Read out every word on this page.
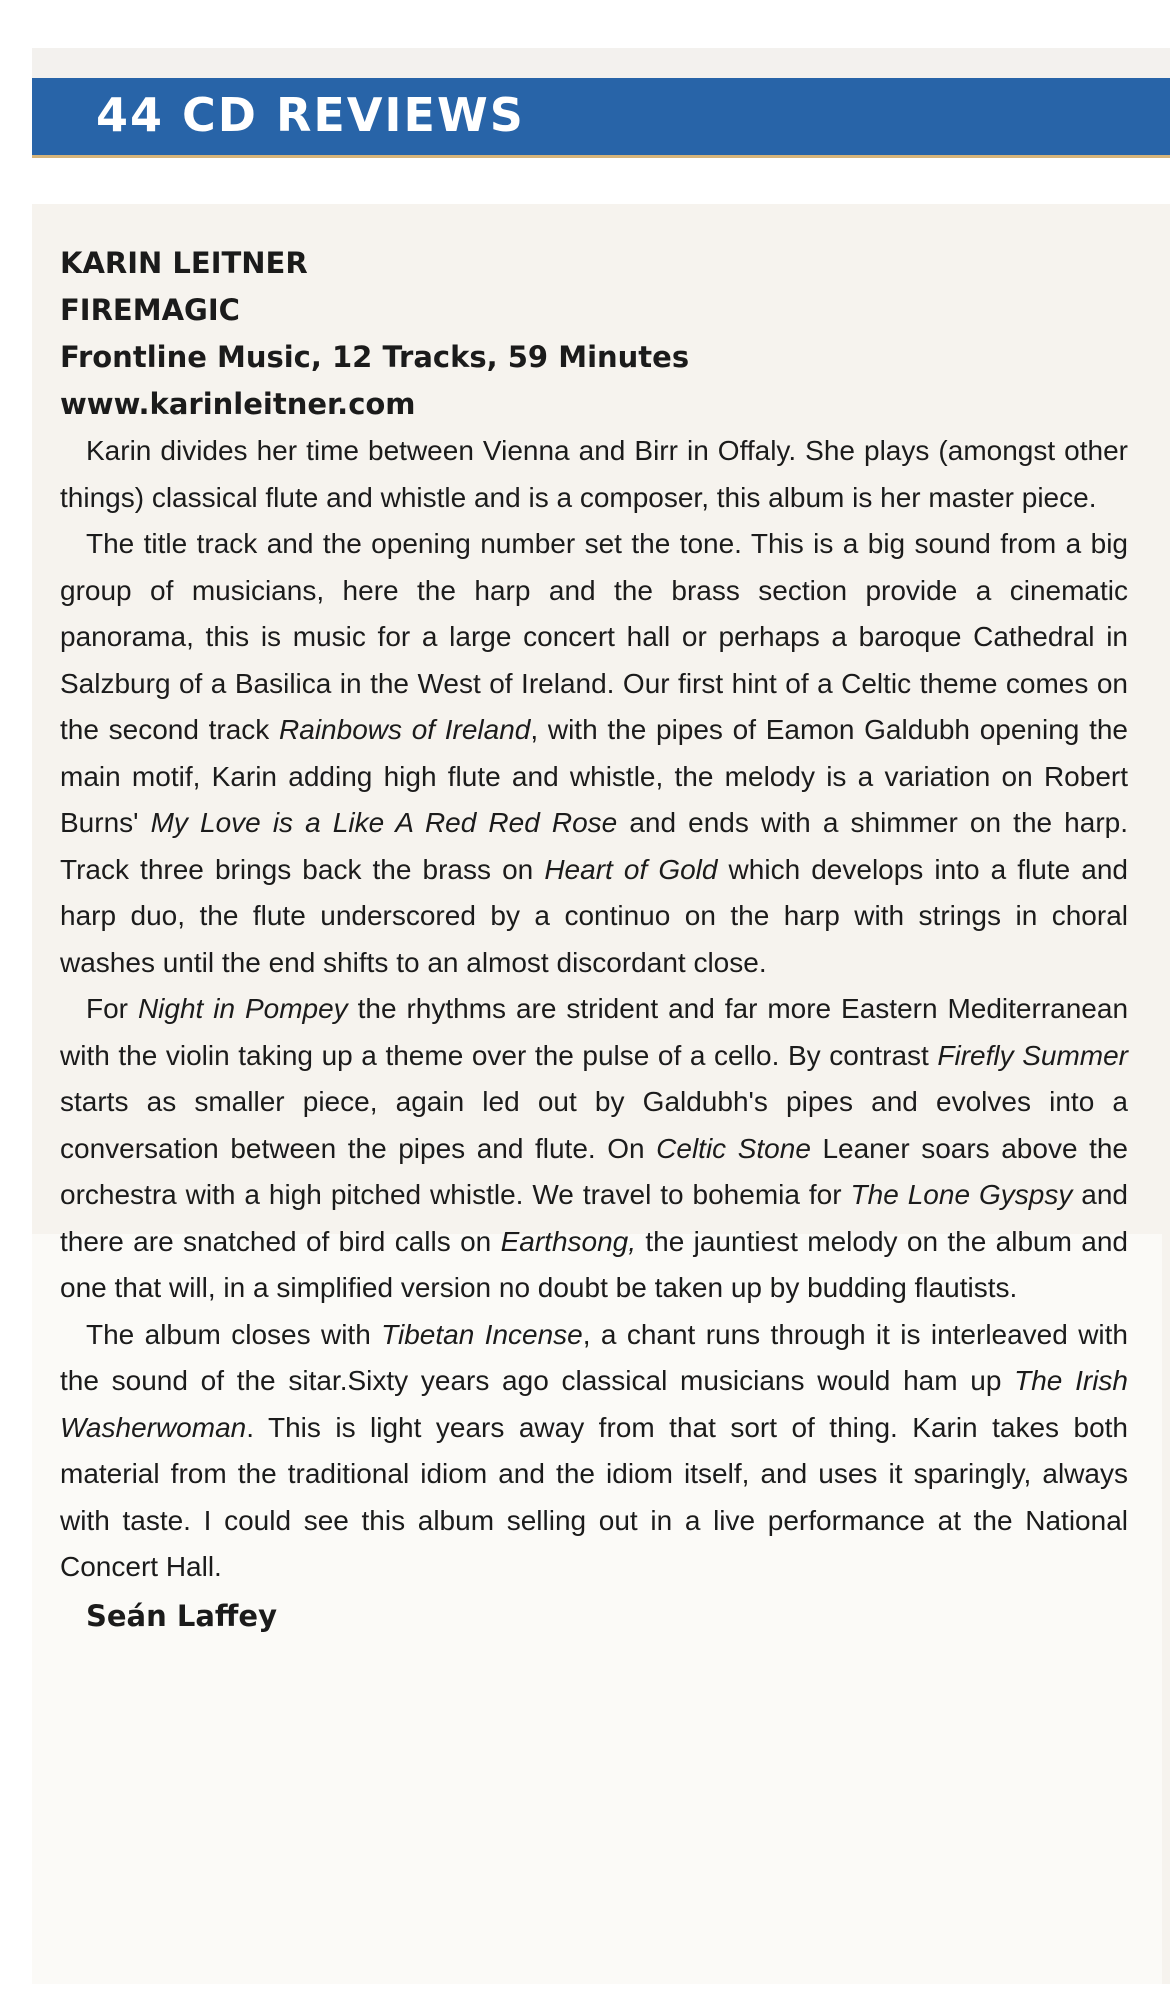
44 CD REVIEWS

KARIN LEITNER

FIREMAGIC

Frontline Music, 12 Tracks, 59 Minutes

www.karinleitner.com

Karin divides her time between Vienna and Birr in Offaly. She plays (amongst other things) classical flute and whistle and is a composer, this album is her master piece.

The title track and the opening number set the tone. This is a big sound from a big group of musicians, here the harp and the brass section provide a cinematic panorama, this is music for a large concert hall or perhaps a baroque Cathedral in Salzburg of a Basilica in the West of Ireland. Our first hint of a Celtic theme comes on the second track Rainbows of Ireland, with the pipes of Eamon Galdubh opening the main motif, Karin adding high flute and whistle, the melody is a variation on Robert Burns' My Love is a Like A Red Red Rose and ends with a shimmer on the harp. Track three brings back the brass on Heart of Gold which develops into a flute and harp duo, the flute underscored by a continuo on the harp with strings in choral washes until the end shifts to an almost discordant close.

For Night in Pompey the rhythms are strident and far more Eastern Mediterranean with the violin taking up a theme over the pulse of a cello. By contrast Firefly Summer starts as smaller piece, again led out by Galdubh's pipes and evolves into a conversation between the pipes and flute. On Celtic Stone Leaner soars above the orchestra with a high pitched whistle. We travel to bohemia for The Lone Gyspsy and there are snatched of bird calls on Earthsong, the jauntiest melody on the album and one that will, in a simplified version no doubt be taken up by budding flautists.

The album closes with Tibetan Incense, a chant runs through it is interleaved with the sound of the sitar.Sixty years ago classical musicians would ham up The Irish Washerwoman. This is light years away from that sort of thing. Karin takes both material from the traditional idiom and the idiom itself, and uses it sparingly, always with taste. I could see this album selling out in a live performance at the National Concert Hall.

Seán Laffey
